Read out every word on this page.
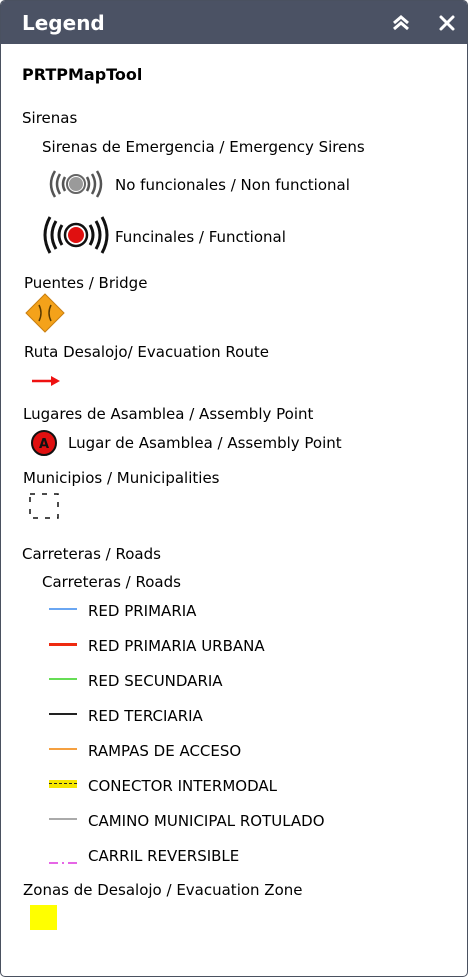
Legend
PRTPMapTool
Sirenas
Sirenas de Emergencia / Emergency Sirens
No funcionales / Non functional
Funcinales / Functional
Puentes / Bridge
Ruta Desalojo/ Evacuation Route
Lugares de Asamblea / Assembly Point
A Lugar de Asamblea / Assembly Point
Municipios / Municipalities
Carreteras / Roads
Carreteras / Roads
RED PRIMARIA
RED PRIMARIA URBANA
RED SECUNDARIA
RED TERCIARIA
RAMPAS DE ACCESO
CONECTOR INTERMODAL
CAMINO MUNICIPAL ROTULADO
CARRIL REVERSIBLE
Zonas de Desalojo / Evacuation Zone
